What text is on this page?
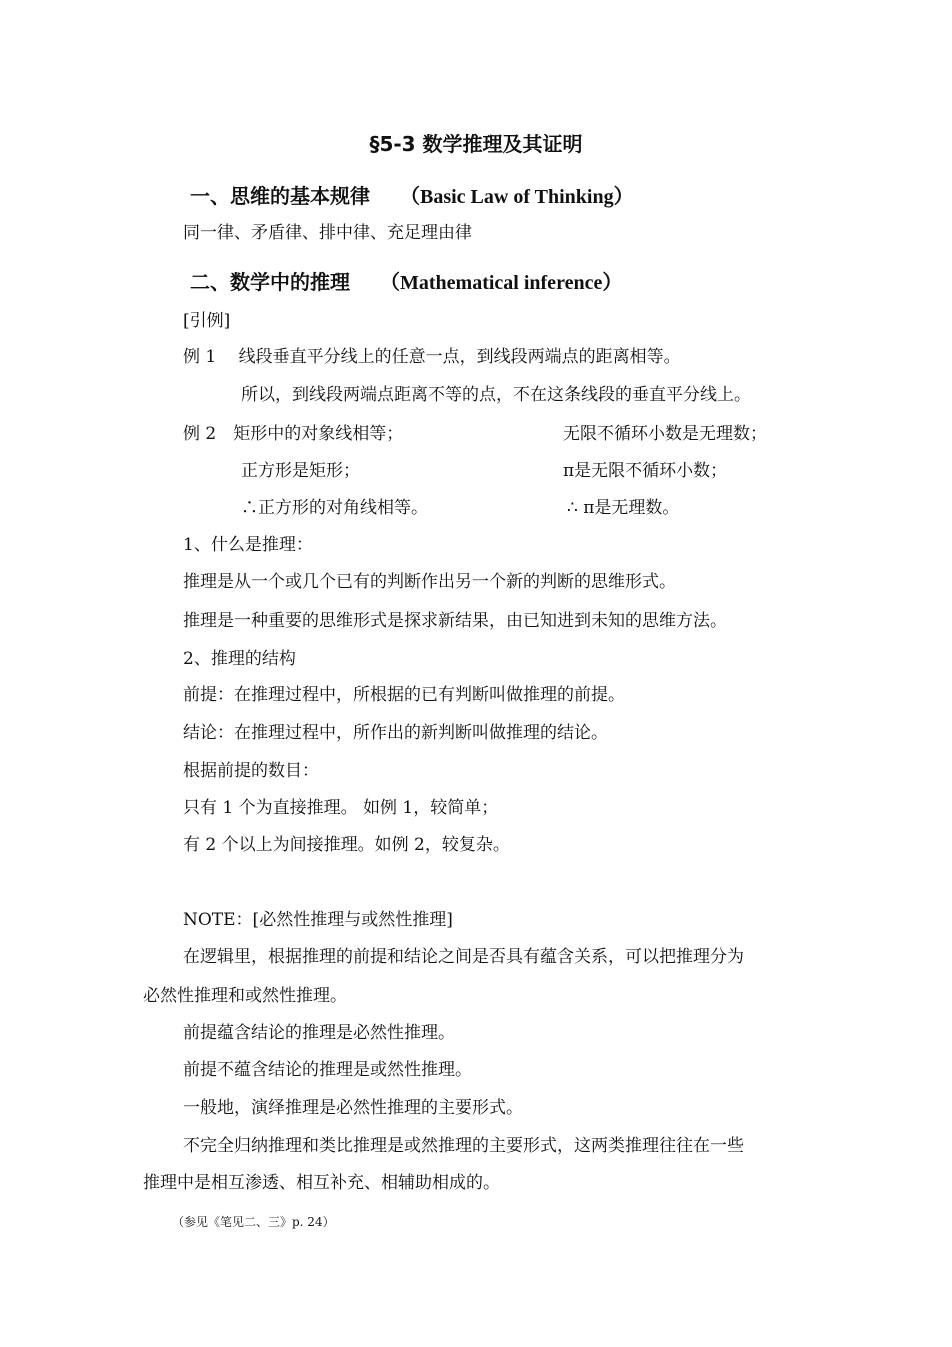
§5-3 数学推理及其证明
一、思维的基本规律 （Basic Law of Thinking）
同一律、矛盾律、排中律、充足理由律
二、数学中的推理 （Mathematical inference）
[引例]
例 1　 线段垂直平分线上的任意一点，到线段两端点的距离相等。
所以，到线段两端点距离不等的点，不在这条线段的垂直平分线上。
例 2　矩形中的对象线相等；	无限不循环小数是无理数；
正方形是矩形；	π是无限不循环小数；
∴正方形的对角线相等。	∴ π是无理数。
1、什么是推理：
推理是从一个或几个已有的判断作出另一个新的判断的思维形式。
推理是一种重要的思维形式是探求新结果，由已知进到未知的思维方法。
2、推理的结构
前提：在推理过程中，所根据的已有判断叫做推理的前提。
结论：在推理过程中，所作出的新判断叫做推理的结论。
根据前提的数目：
只有 1 个为直接推理。 如例 1，较简单；
有 2 个以上为间接推理。如例 2，较复杂。
NOTE：[必然性推理与或然性推理]
在逻辑里，根据推理的前提和结论之间是否具有蕴含关系，可以把推理分为
必然性推理和或然性推理。
前提蕴含结论的推理是必然性推理。
前提不蕴含结论的推理是或然性推理。
一般地，演绎推理是必然性推理的主要形式。
不完全归纳推理和类比推理是或然推理的主要形式，这两类推理往往在一些
推理中是相互渗透、相互补充、相辅助相成的。
（参见《笔见二、三》p. 24）
